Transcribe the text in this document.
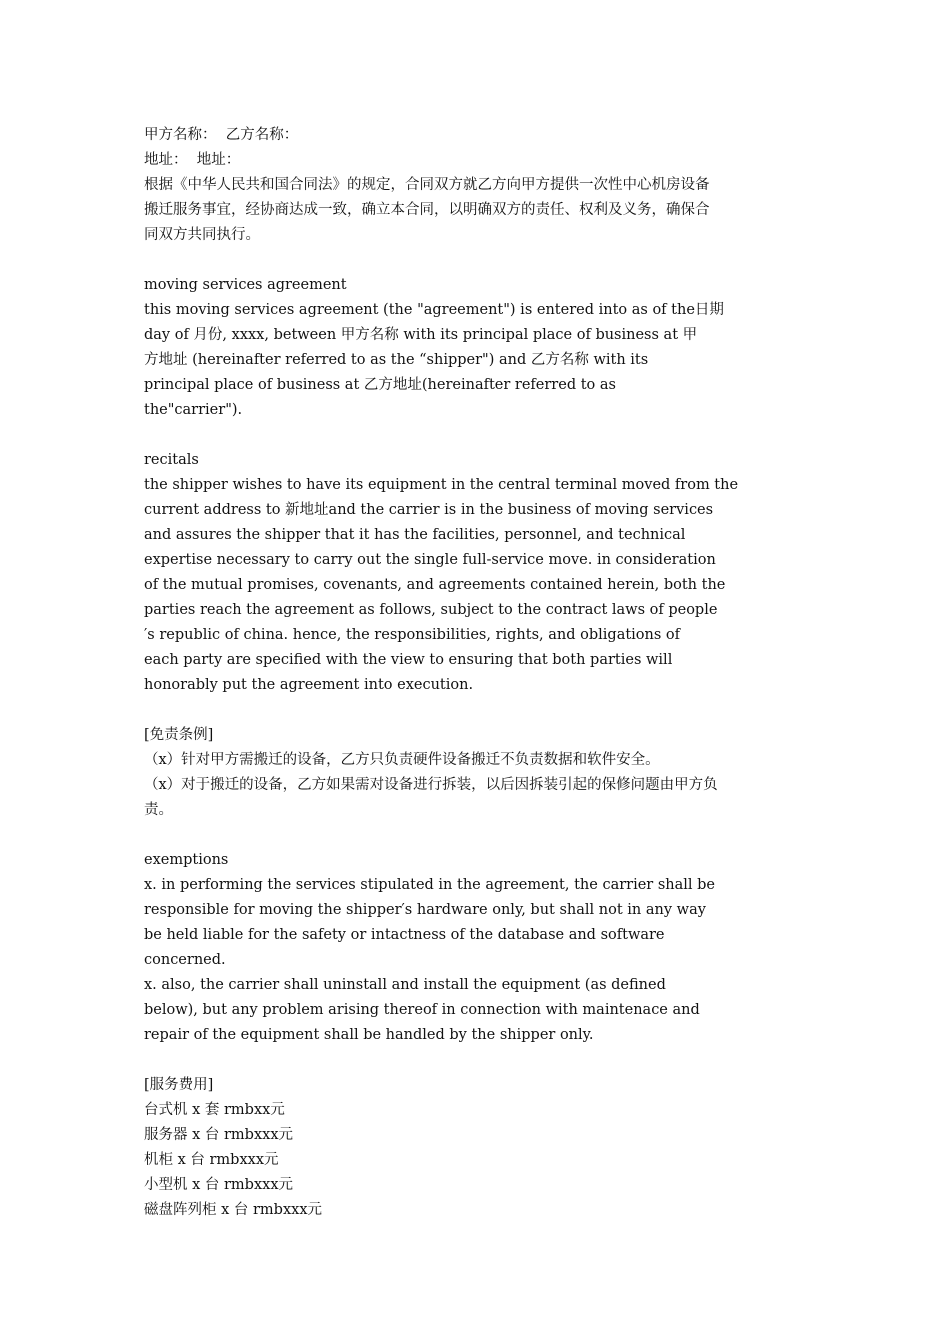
甲方名称：  乙方名称：
地址：  地址：
根据《中华人民共和国合同法》的规定，合同双方就乙方向甲方提供一次性中心机房设备
搬迁服务事宜，经协商达成一致，确立本合同，以明确双方的责任、权利及义务，确保合
同双方共同执行。
moving services agreement
this moving services agreement (the "agreement") is entered into as of the日期
day of 月份, xxxx, between 甲方名称 with its principal place of business at 甲
方地址 (hereinafter referred to as the “shipper") and 乙方名称 with its
principal place of business at 乙方地址(hereinafter referred to as
the"carrier").
recitals
the shipper wishes to have its equipment in the central terminal moved from the
current address to 新地址and the carrier is in the business of moving services
and assures the shipper that it has the facilities, personnel, and technical
expertise necessary to carry out the single full-service move. in consideration
of the mutual promises, covenants, and agreements contained herein, both the
parties reach the agreement as follows, subject to the contract laws of people
′s republic of china. hence, the responsibilities, rights, and obligations of
each party are specified with the view to ensuring that both parties will
honorably put the agreement into execution.
[免责条例]
（x）针对甲方需搬迁的设备，乙方只负责硬件设备搬迁不负责数据和软件安全。
（x）对于搬迁的设备，乙方如果需对设备进行拆装，以后因拆装引起的保修问题由甲方负
责。
exemptions
x. in performing the services stipulated in the agreement, the carrier shall be
responsible for moving the shipper′s hardware only, but shall not in any way
be held liable for the safety or intactness of the database and software
concerned.
x. also, the carrier shall uninstall and install the equipment (as defined
below), but any problem arising thereof in connection with maintenace and
repair of the equipment shall be handled by the shipper only.
[服务费用]
台式机 x 套 rmbxx元
服务器 x 台 rmbxxx元
机柜 x 台 rmbxxx元
小型机 x 台 rmbxxx元
磁盘阵列柜 x 台 rmbxxx元
